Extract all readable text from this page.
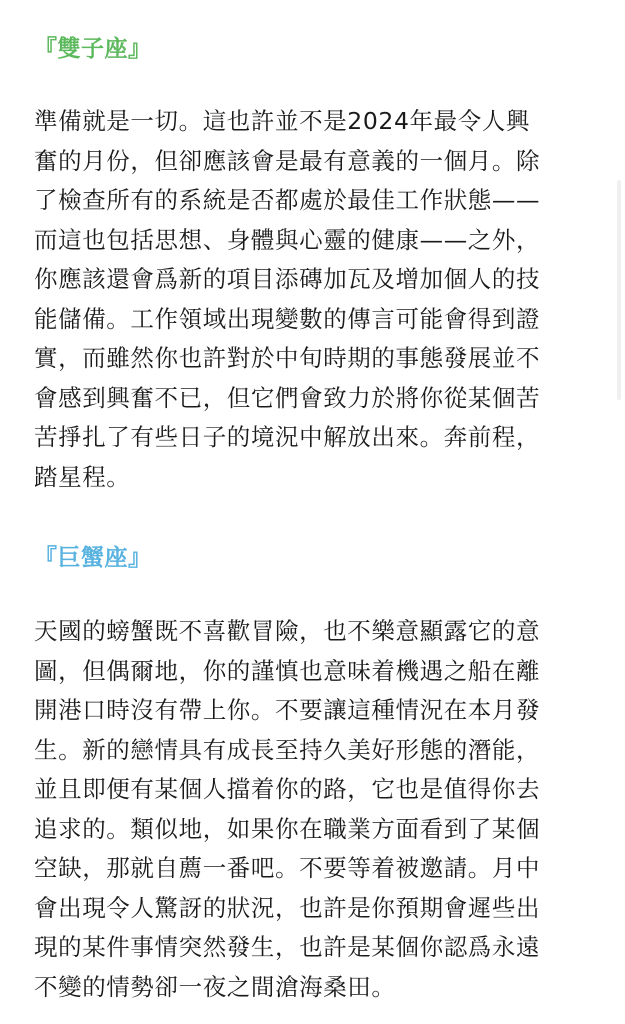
『雙子座』
準備就是一切。這也許並不是2024年最令人興
奮的月份，但卻應該會是最有意義的一個月。除
了檢查所有的系統是否都處於最佳工作狀態——
而這也包括思想、身體與心靈的健康——之外，
你應該還會爲新的項目添磚加瓦及增加個人的技
能儲備。工作領域出現變數的傳言可能會得到證
實，而雖然你也許對於中旬時期的事態發展並不
會感到興奮不已，但它們會致力於將你從某個苦
苦掙扎了有些日子的境況中解放出來。奔前程，
踏星程。
『巨蟹座』
天國的螃蟹既不喜歡冒險，也不樂意顯露它的意
圖，但偶爾地，你的謹慎也意味着機遇之船在離
開港口時沒有帶上你。不要讓這種情況在本月發
生。新的戀情具有成長至持久美好形態的潛能，
並且即便有某個人擋着你的路，它也是值得你去
追求的。類似地，如果你在職業方面看到了某個
空缺，那就自薦一番吧。不要等着被邀請。月中
會出現令人驚訝的狀況，也許是你預期會遲些出
現的某件事情突然發生，也許是某個你認爲永遠
不變的情勢卻一夜之間滄海桑田。
